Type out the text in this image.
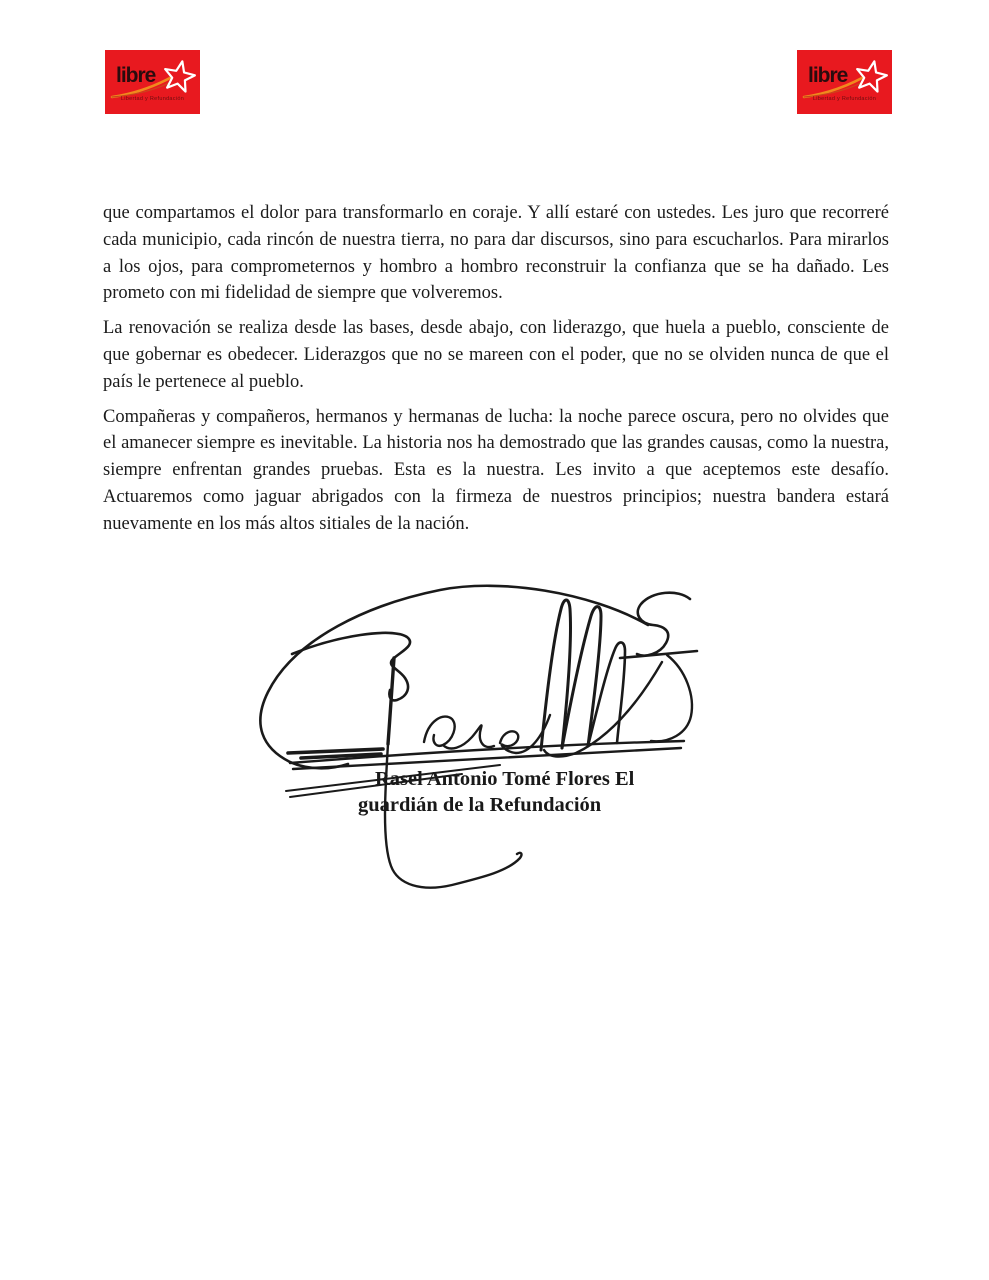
libre
Libertad y Refundación
libre
Libertad y Refundación

que compartamos el dolor para transformarlo en coraje. Y allí estaré con ustedes. Les juro que recorreré cada municipio, cada rincón de nuestra tierra, no para dar discursos, sino para escucharlos. Para mirarlos a los ojos, para comprometernos y hombro a hombro reconstruir la confianza que se ha dañado. Les prometo con mi fidelidad de siempre que volveremos.

La renovación se realiza desde las bases, desde abajo, con liderazgo, que huela a pueblo, consciente de que gobernar es obedecer. Liderazgos que no se mareen con el poder, que no se olviden nunca de que el país le pertenece al pueblo.

Compañeras y compañeros, hermanos y hermanas de lucha: la noche parece oscura, pero no olvides que el amanecer siempre es inevitable. La historia nos ha demostrado que las grandes causas, como la nuestra, siempre enfrentan grandes pruebas. Esta es la nuestra. Les invito a que aceptemos este desafío. Actuaremos como jaguar abrigados con la firmeza de nuestros principios; nuestra bandera estará nuevamente en los más altos sitiales de la nación.

Rasel Antonio Tomé Flores El
guardián de la Refundación
